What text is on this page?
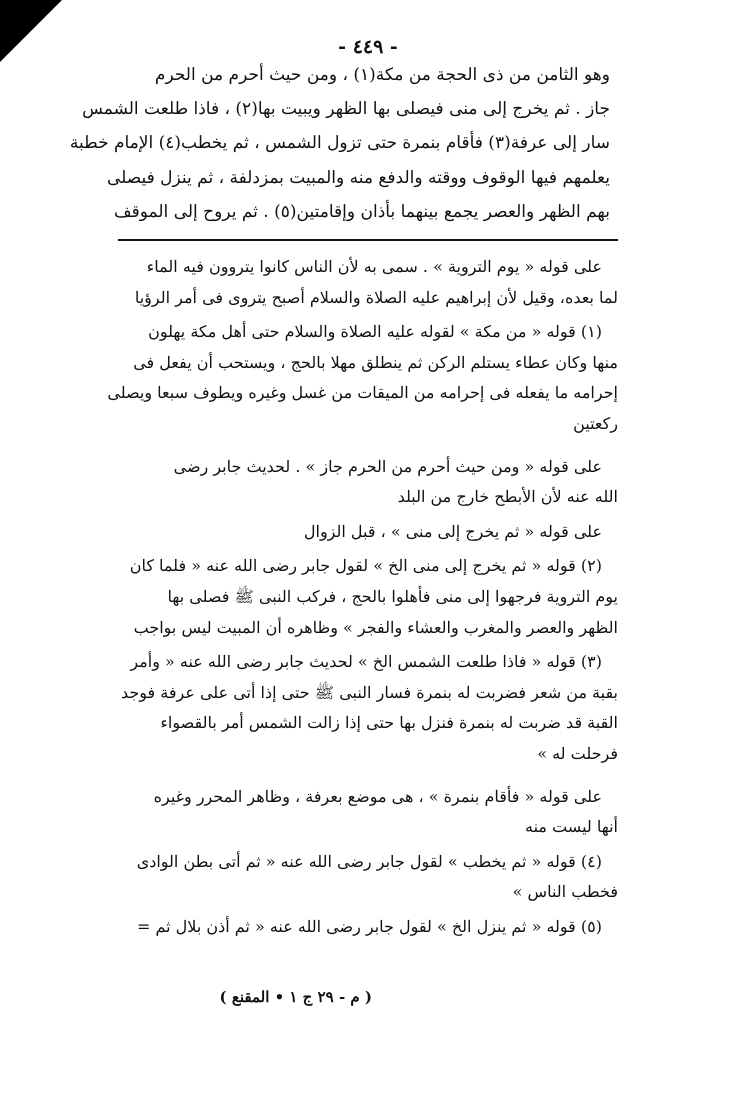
- ٤٤٩ -
وهو الثامن من ذى الحجة من مكة(١) ، ومن حيث أحرم من الحرم
جاز . ثم يخرج إلى منى فيصلى بها الظهر ويبيت بها(٢) ، فاذا طلعت الشمس
سار إلى عرفة(٣) فأقام بنمرة حتى تزول الشمس ، ثم يخطب(٤) الإمام خطبة
يعلمهم فيها الوقوف ووقته والدفع منه والمبيت بمزدلفة ، ثم ينزل فيصلى
بهم الظهر والعصر يجمع بينهما بأذان وإقامتين(٥) . ثم يروح إلى الموقف
على قوله « يوم التروية » . سمى به لأن الناس كانوا يتروون فيه الماء
لما بعده، وقيل لأن إبراهيم عليه الصلاة والسلام أصبح يتروى فى أمر الرؤيا
(١) قوله « من مكة » لقوله عليه الصلاة والسلام حتى أهل مكة يهلون
منها وكان عطاء يستلم الركن ثم ينطلق مهلا بالحج ، ويستحب أن يفعل فى
إحرامه ما يفعله فى إحرامه من الميقات من غسل وغيره ويطوف سبعا ويصلى
ركعتين
على قوله « ومن حيث أحرم من الحرم جاز » . لحديث جابر رضى
الله عنه لأن الأبطح خارج من البلد
على قوله « ثم يخرج إلى منى » ، قبل الزوال
(٢) قوله « ثم يخرج إلى منى الخ » لقول جابر رضى الله عنه « فلما كان
يوم التروية فرجهوا إلى منى فأهلوا بالحج ، فركب النبى ﷺ فصلى بها
الظهر والعصر والمغرب والعشاء والفجر » وظاهره أن المبيت ليس بواجب
(٣) قوله « فاذا طلعت الشمس الخ » لحديث جابر رضى الله عنه « وأمر
بقبة من شعر فضربت له بنمرة فسار النبى ﷺ حتى إذا أتى على عرفة فوجد
القبة قد ضربت له بنمرة فنزل بها حتى إذا زالت الشمس أمر بالقصواء
فرحلت له »
على قوله « فأقام بنمرة » ، هى موضع بعرفة ، وظاهر المحرر وغيره
أنها ليست منه
(٤) قوله « ثم يخطب » لقول جابر رضى الله عنه « ثم أتى بطن الوادى
فخطب الناس »
(٥) قوله « ثم ينزل الخ » لقول جابر رضى الله عنه « ثم أذن بلال ثم =
( م - ٢٩ ج ١ • المقنع )
